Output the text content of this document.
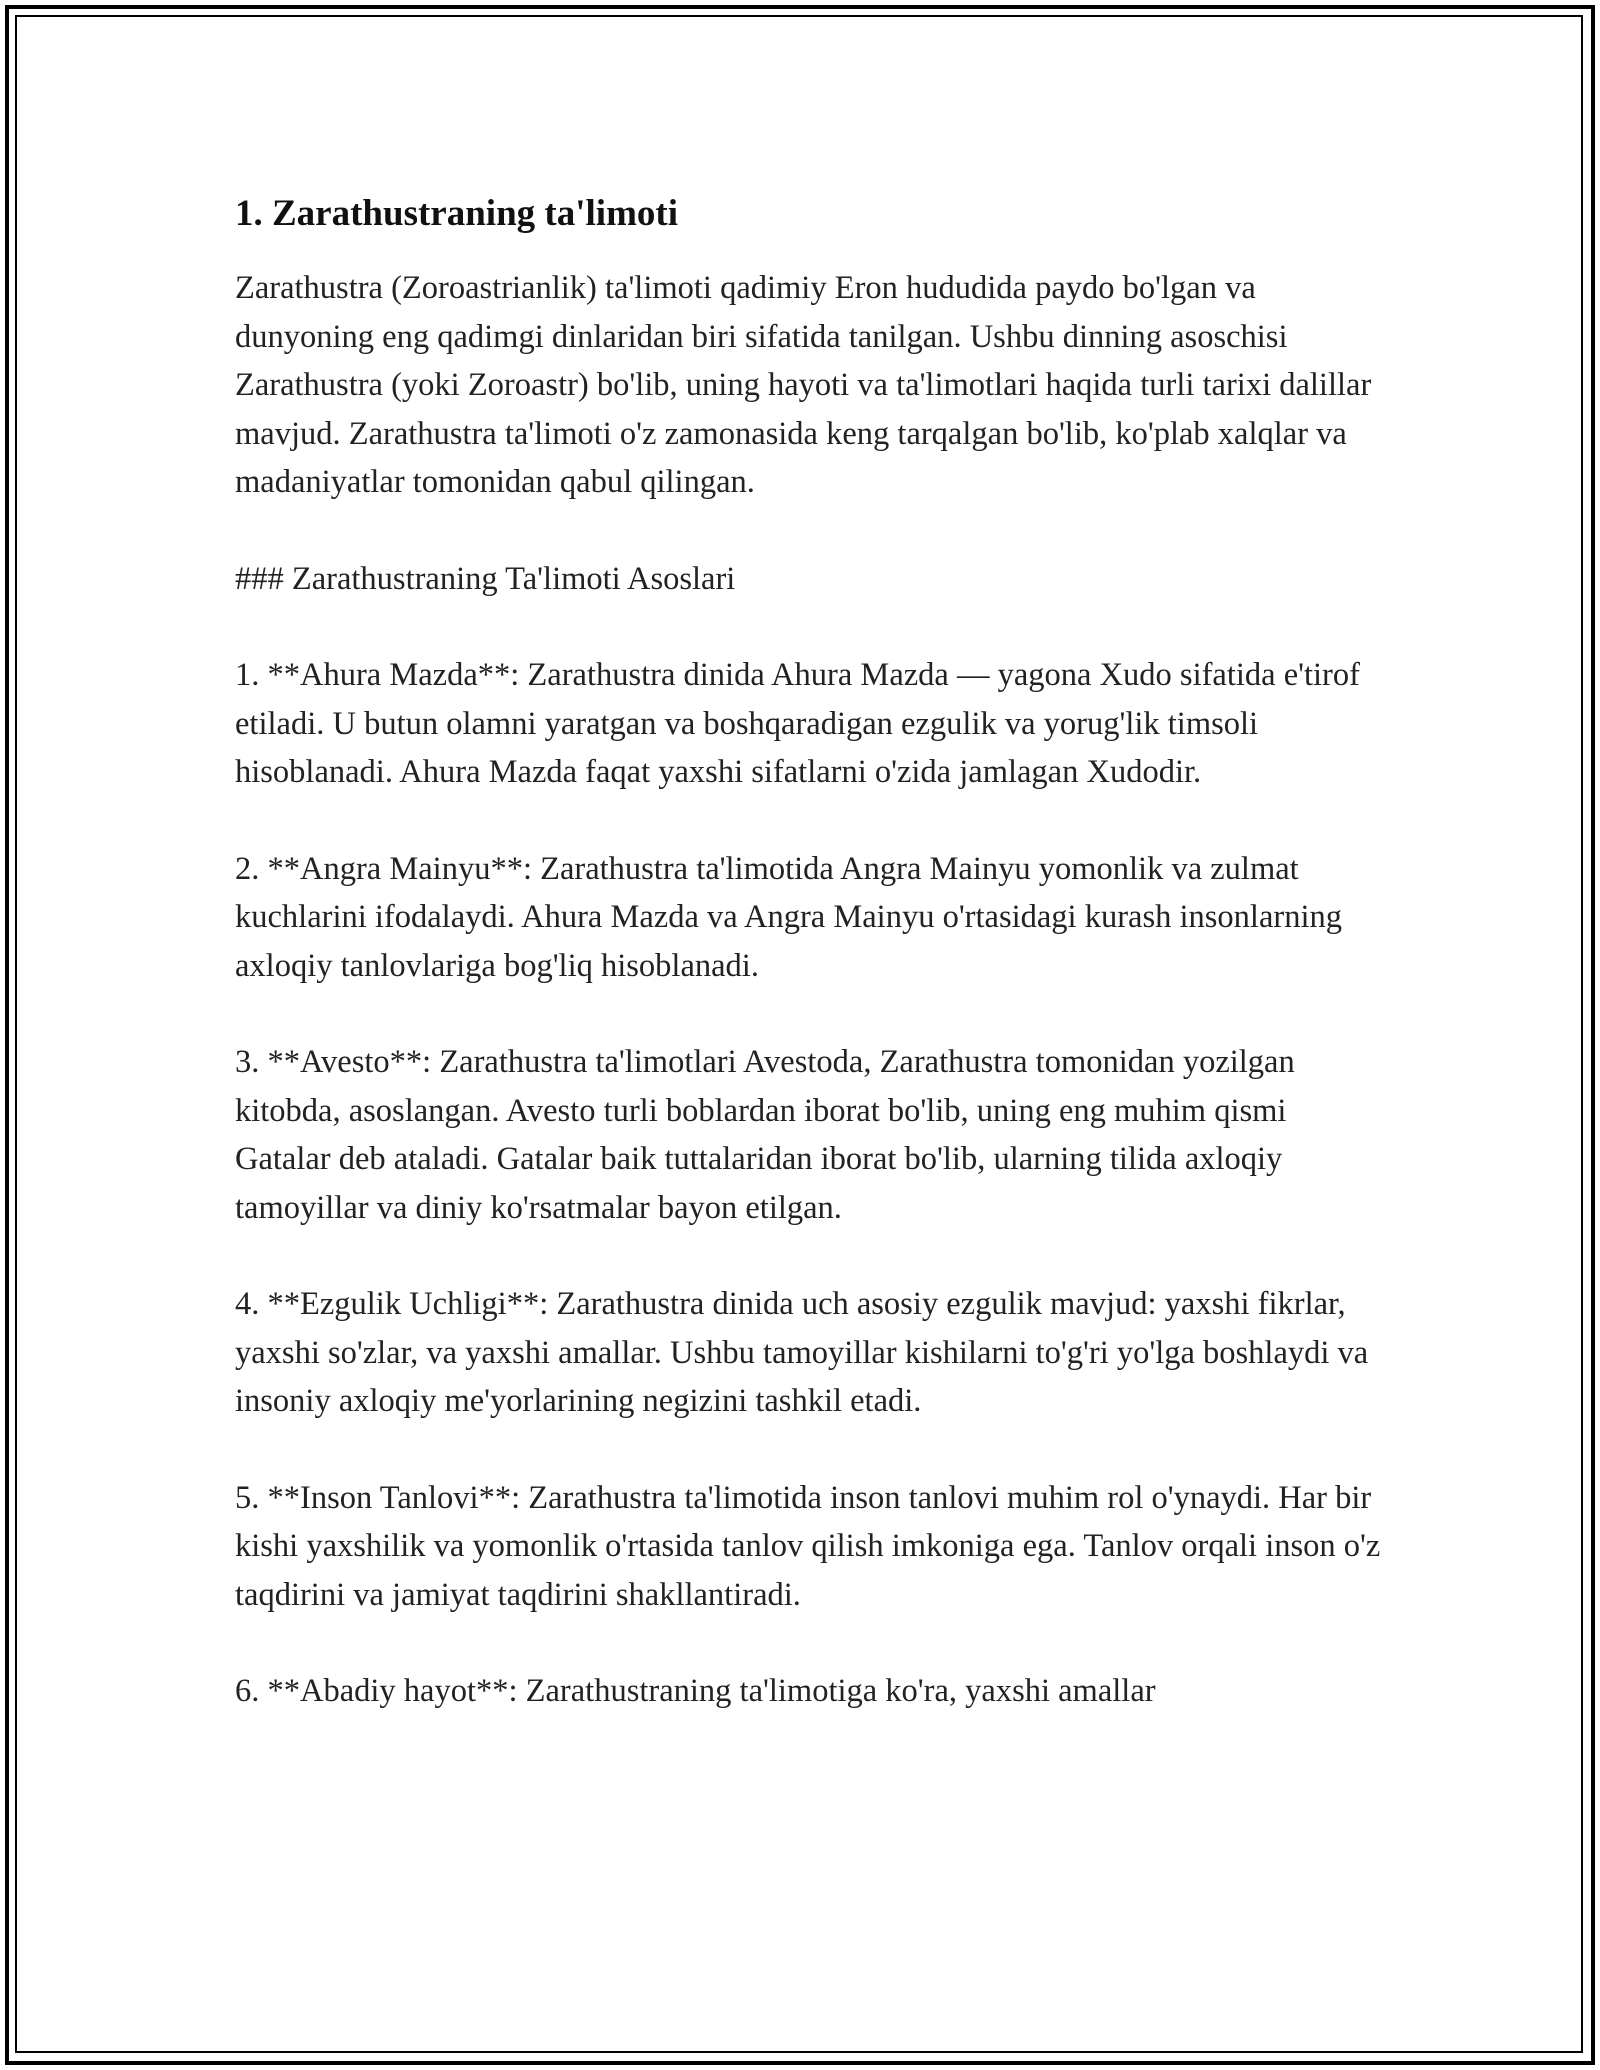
1. Zarathustraning ta'limoti

Zarathustra (Zoroastrianlik) ta'limoti qadimiy Eron hududida paydo bo'lgan va dunyoning eng qadimgi dinlaridan biri sifatida tanilgan. Ushbu dinning asoschisi Zarathustra (yoki Zoroastr) bo'lib, uning hayoti va ta'limotlari haqida turli tarixi dalillar mavjud. Zarathustra ta'limoti o'z zamonasida keng tarqalgan bo'lib, ko'plab xalqlar va madaniyatlar tomonidan qabul qilingan.

### Zarathustraning Ta'limoti Asoslari

1. **Ahura Mazda**: Zarathustra dinida Ahura Mazda — yagona Xudo sifatida e'tirof etiladi. U butun olamni yaratgan va boshqaradigan ezgulik va yorug'lik timsoli hisoblanadi. Ahura Mazda faqat yaxshi sifatlarni o'zida jamlagan Xudodir.

2. **Angra Mainyu**: Zarathustra ta'limotida Angra Mainyu yomonlik va zulmat kuchlarini ifodalaydi. Ahura Mazda va Angra Mainyu o'rtasidagi kurash insonlarning axloqiy tanlovlariga bog'liq hisoblanadi.

3. **Avesto**: Zarathustra ta'limotlari Avestoda, Zarathustra tomonidan yozilgan kitobda, asoslangan. Avesto turli boblardan iborat bo'lib, uning eng muhim qismi Gatalar deb ataladi. Gatalar baik tuttalaridan iborat bo'lib, ularning tilida axloqiy tamoyillar va diniy ko'rsatmalar bayon etilgan.

4. **Ezgulik Uchligi**: Zarathustra dinida uch asosiy ezgulik mavjud: yaxshi fikrlar, yaxshi so'zlar, va yaxshi amallar. Ushbu tamoyillar kishilarni to'g'ri yo'lga boshlaydi va insoniy axloqiy me'yorlarining negizini tashkil etadi.

5. **Inson Tanlovi**: Zarathustra ta'limotida inson tanlovi muhim rol o'ynaydi. Har bir kishi yaxshilik va yomonlik o'rtasida tanlov qilish imkoniga ega. Tanlov orqali inson o'z taqdirini va jamiyat taqdirini shakllantiradi.

6. **Abadiy hayot**: Zarathustraning ta'limotiga ko'ra, yaxshi amallar
